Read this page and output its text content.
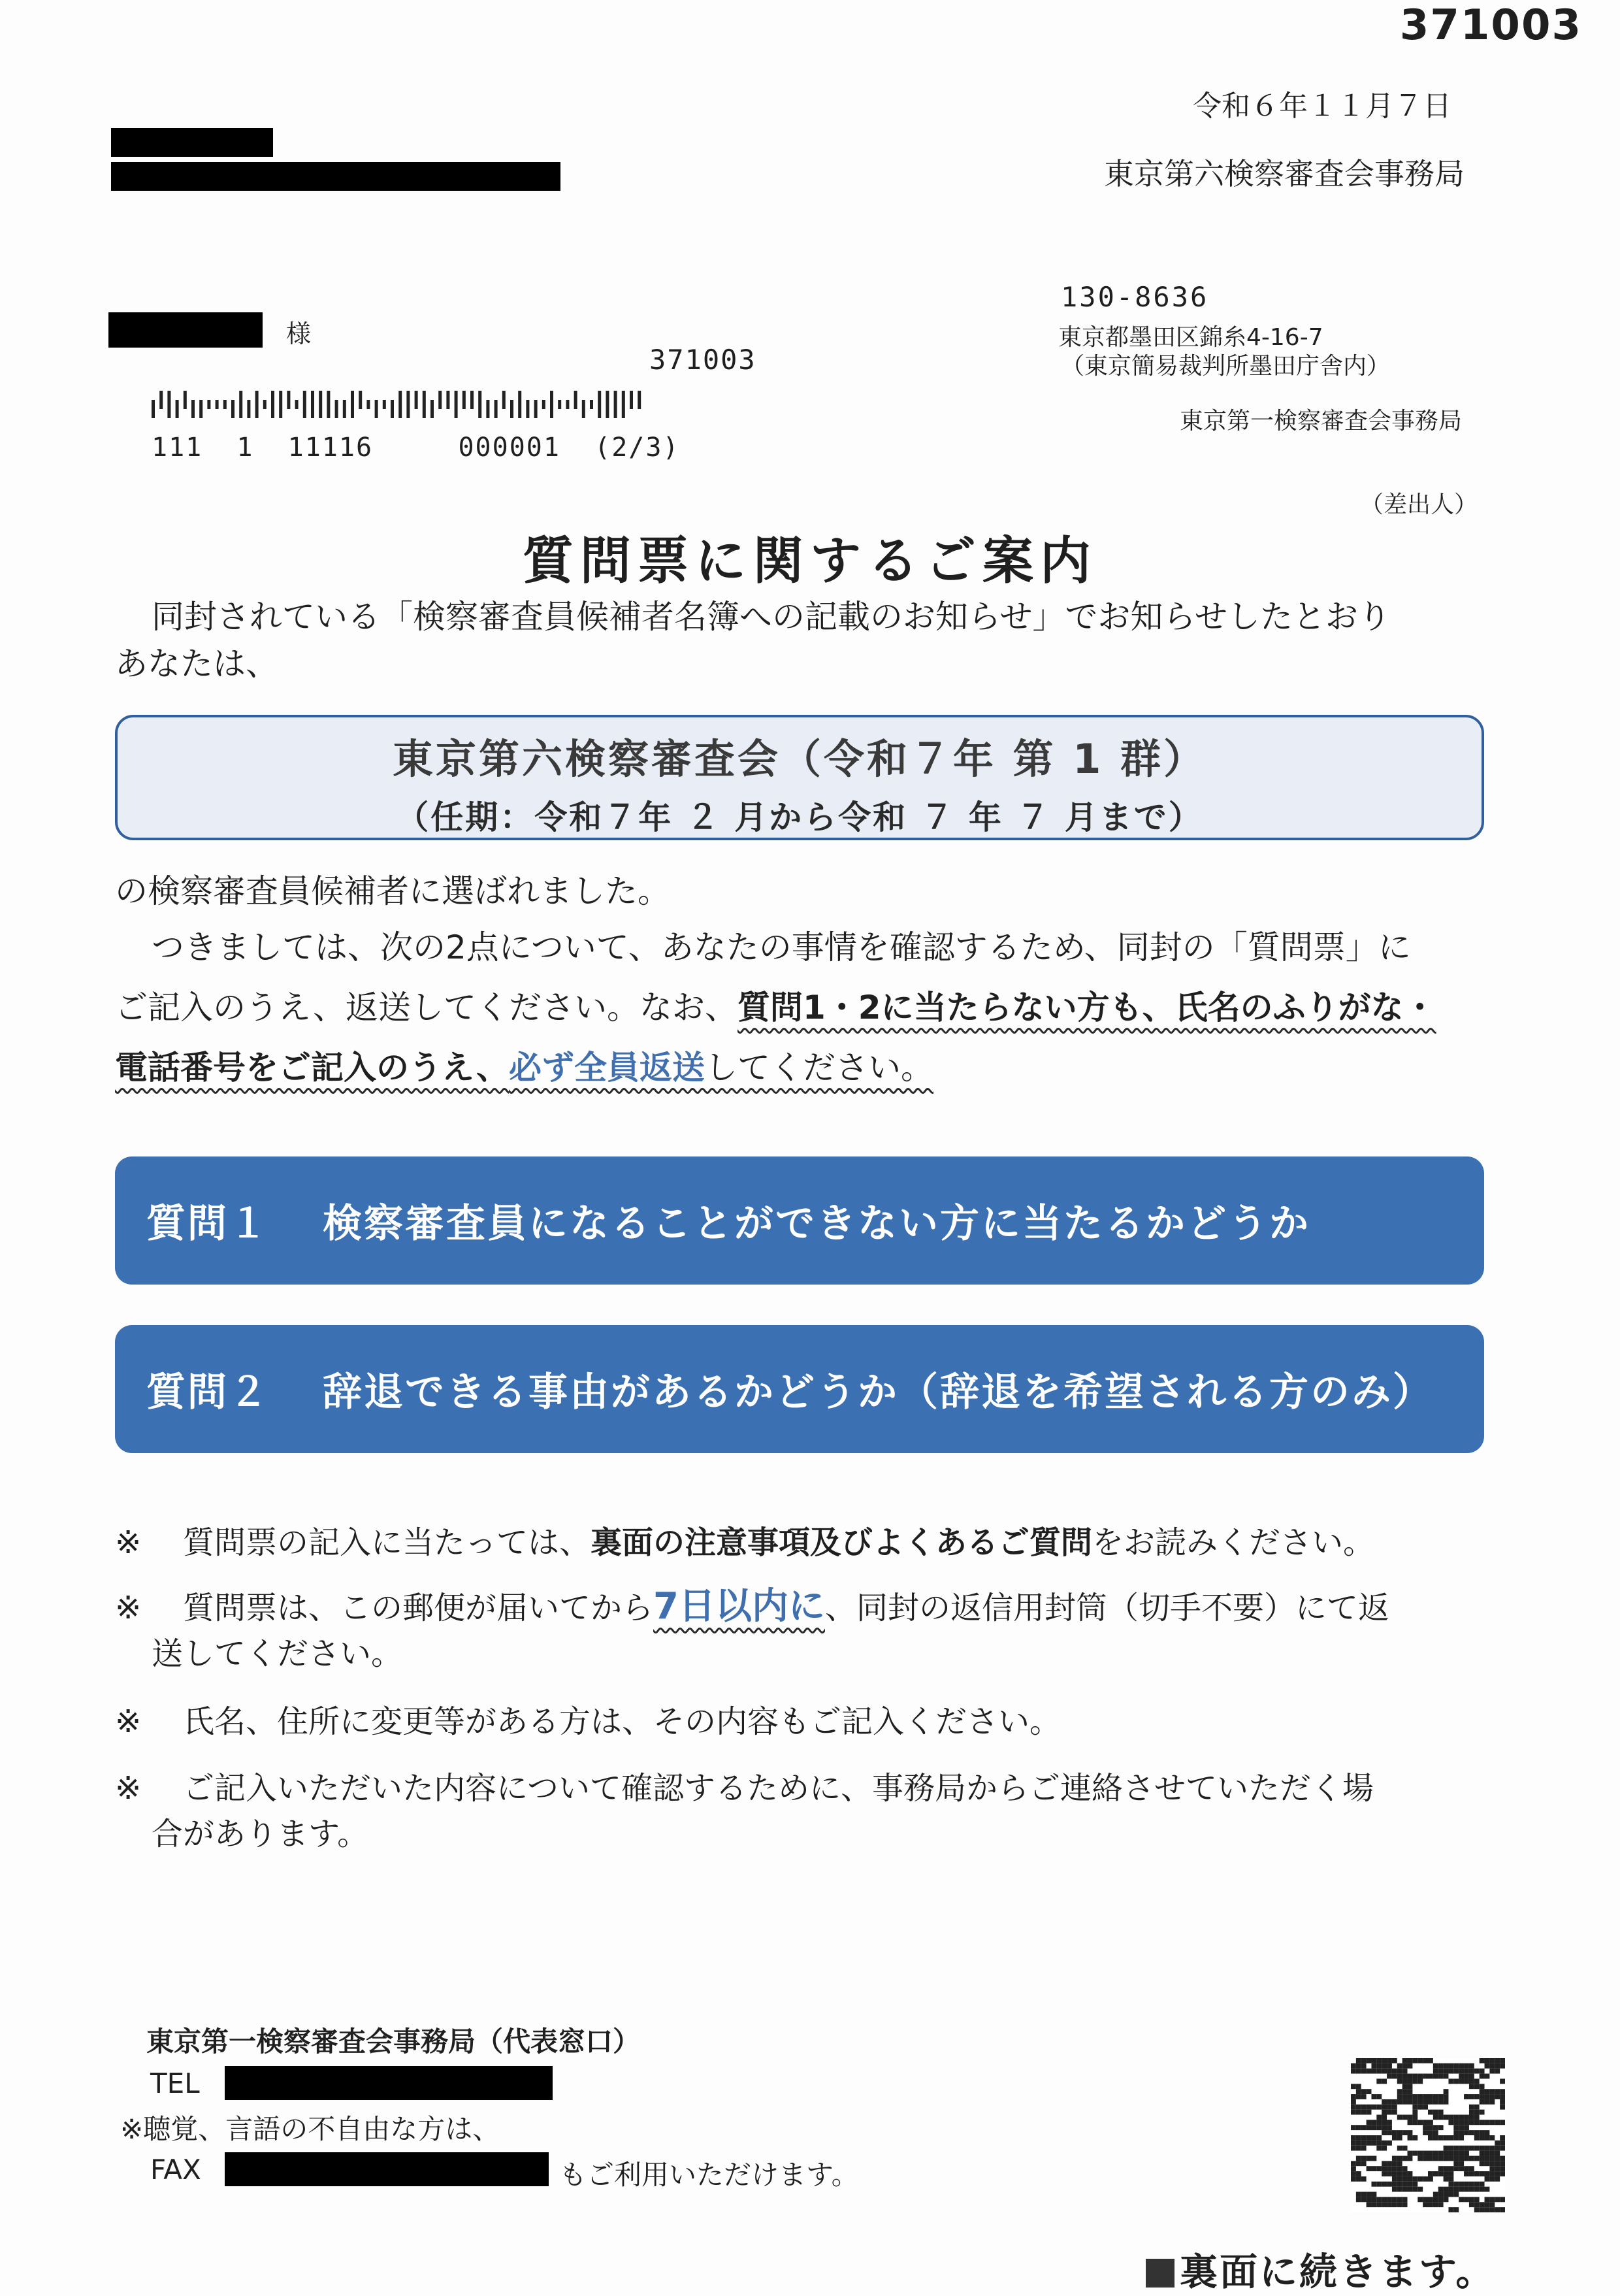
371003
令和６年１１月７日
東京第六検察審査会事務局
様
371003
111  1  11116     000001  (2/3)
130-8636
東京都墨田区錦糸4-16-7
（東京簡易裁判所墨田庁舎内）
東京第一検察審査会事務局
（差出人）
質問票に関するご案内
同封されている「検察審査員候補者名簿への記載のお知らせ」でお知らせしたとおり
あなたは、
東京第六検察審査会（令和７年 第 1 群）
（任期：令和７年 ２ 月から令和 ７ 年 ７ 月まで）
の検察審査員候補者に選ばれました。
つきましては、次の2点について、あなたの事情を確認するため、同封の「質問票」に
ご記入のうえ、返送してください。なお、質問1・2に当たらない方も、氏名のふりがな・
電話番号をご記入のうえ、必ず全員返送してください。
質問１	検察審査員になることができない方に当たるかどうか
質問２	辞退できる事由があるかどうか（辞退を希望される方のみ）
※ 質問票の記入に当たっては、裏面の注意事項及びよくあるご質問をお読みください。
※ 質問票は、この郵便が届いてから7日以内に、同封の返信用封筒（切手不要）にて返
送してください。
※ 氏名、住所に変更等がある方は、その内容もご記入ください。
※ ご記入いただいた内容について確認するために、事務局からご連絡させていただく場
合があります。
東京第一検察審査会事務局（代表窓口）
TEL
※聴覚、言語の不自由な方は、
FAX	もご利用いただけます。
裏面に続きます。
